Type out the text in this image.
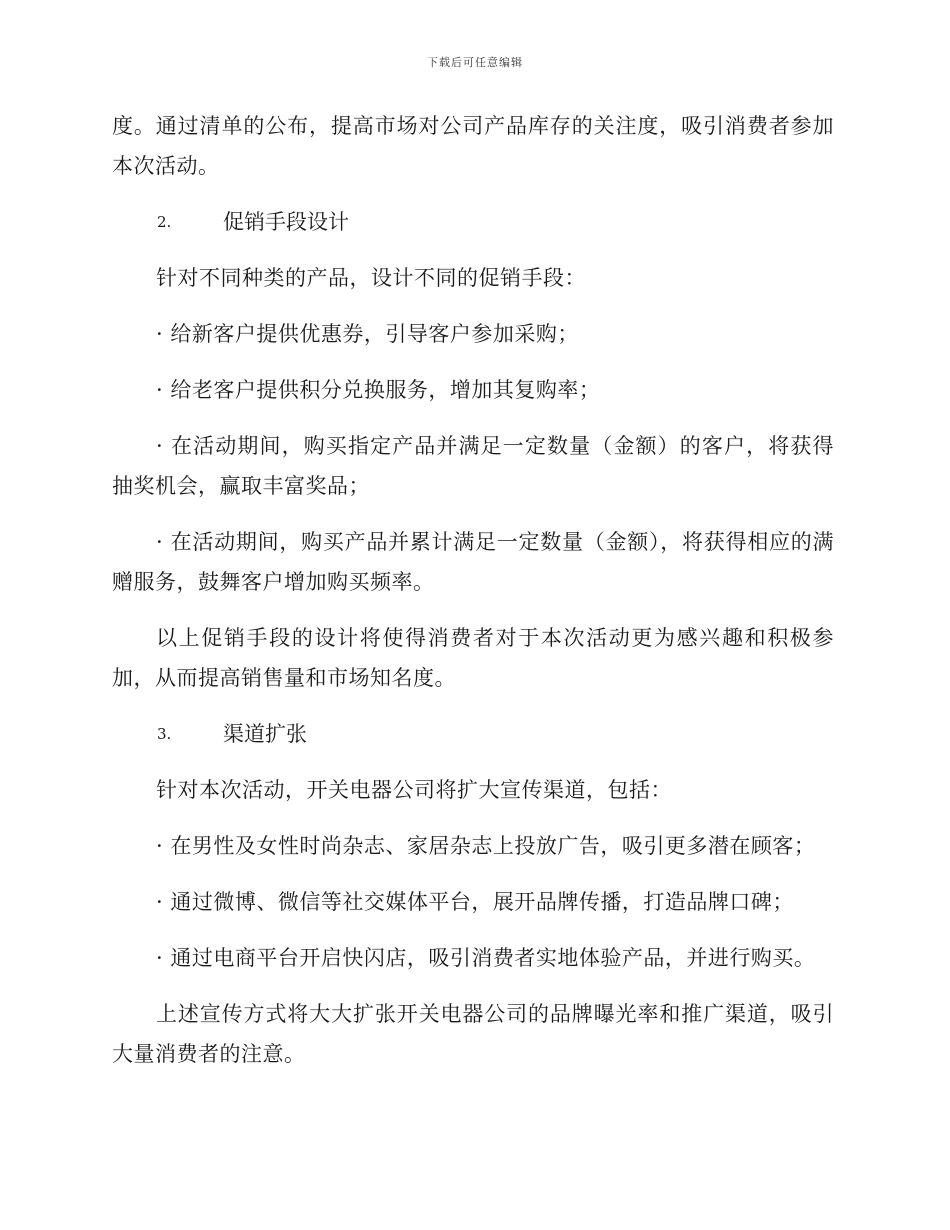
下载后可任意编辑

度。通过清单的公布，提高市场对公司产品库存的关注度，吸引消费者参加本次活动。

2.	促销手段设计

针对不同种类的产品，设计不同的促销手段：

· 给新客户提供优惠券，引导客户参加采购；

· 给老客户提供积分兑换服务，增加其复购率；

· 在活动期间，购买指定产品并满足一定数量（金额）的客户，将获得抽奖机会，赢取丰富奖品；

· 在活动期间，购买产品并累计满足一定数量（金额），将获得相应的满赠服务，鼓舞客户增加购买频率。

以上促销手段的设计将使得消费者对于本次活动更为感兴趣和积极参加，从而提高销售量和市场知名度。

3.	渠道扩张

针对本次活动，开关电器公司将扩大宣传渠道，包括：

· 在男性及女性时尚杂志、家居杂志上投放广告，吸引更多潜在顾客；

· 通过微博、微信等社交媒体平台，展开品牌传播，打造品牌口碑；

· 通过电商平台开启快闪店，吸引消费者实地体验产品，并进行购买。

上述宣传方式将大大扩张开关电器公司的品牌曝光率和推广渠道，吸引大量消费者的注意。
